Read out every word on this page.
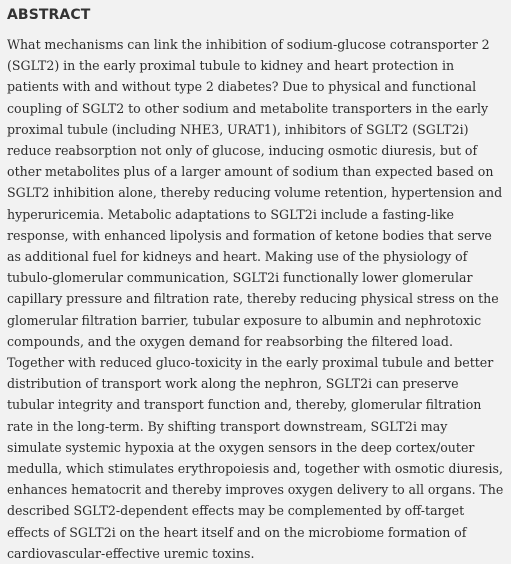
ABSTRACT

What mechanisms can link the inhibition of sodium-glucose cotransporter 2 (SGLT2) in the early proximal tubule to kidney and heart protection in patients with and without type 2 diabetes? Due to physical and functional coupling of SGLT2 to other sodium and metabolite transporters in the early proximal tubule (including NHE3, URAT1), inhibitors of SGLT2 (SGLT2i) reduce reabsorption not only of glucose, inducing osmotic diuresis, but of other metabolites plus of a larger amount of sodium than expected based on SGLT2 inhibition alone, thereby reducing volume retention, hypertension and hyperuricemia. Metabolic adaptations to SGLT2i include a fasting-like response, with enhanced lipolysis and formation of ketone bodies that serve as additional fuel for kidneys and heart. Making use of the physiology of tubulo-glomerular communication, SGLT2i functionally lower glomerular capillary pressure and filtration rate, thereby reducing physical stress on the glomerular filtration barrier, tubular exposure to albumin and nephrotoxic compounds, and the oxygen demand for reabsorbing the filtered load. Together with reduced gluco-toxicity in the early proximal tubule and better distribution of transport work along the nephron, SGLT2i can preserve tubular integrity and transport function and, thereby, glomerular filtration rate in the long-term. By shifting transport downstream, SGLT2i may simulate systemic hypoxia at the oxygen sensors in the deep cortex/outer medulla, which stimulates erythropoiesis and, together with osmotic diuresis, enhances hematocrit and thereby improves oxygen delivery to all organs. The described SGLT2-dependent effects may be complemented by off-target effects of SGLT2i on the heart itself and on the microbiome formation of cardiovascular-effective uremic toxins.
